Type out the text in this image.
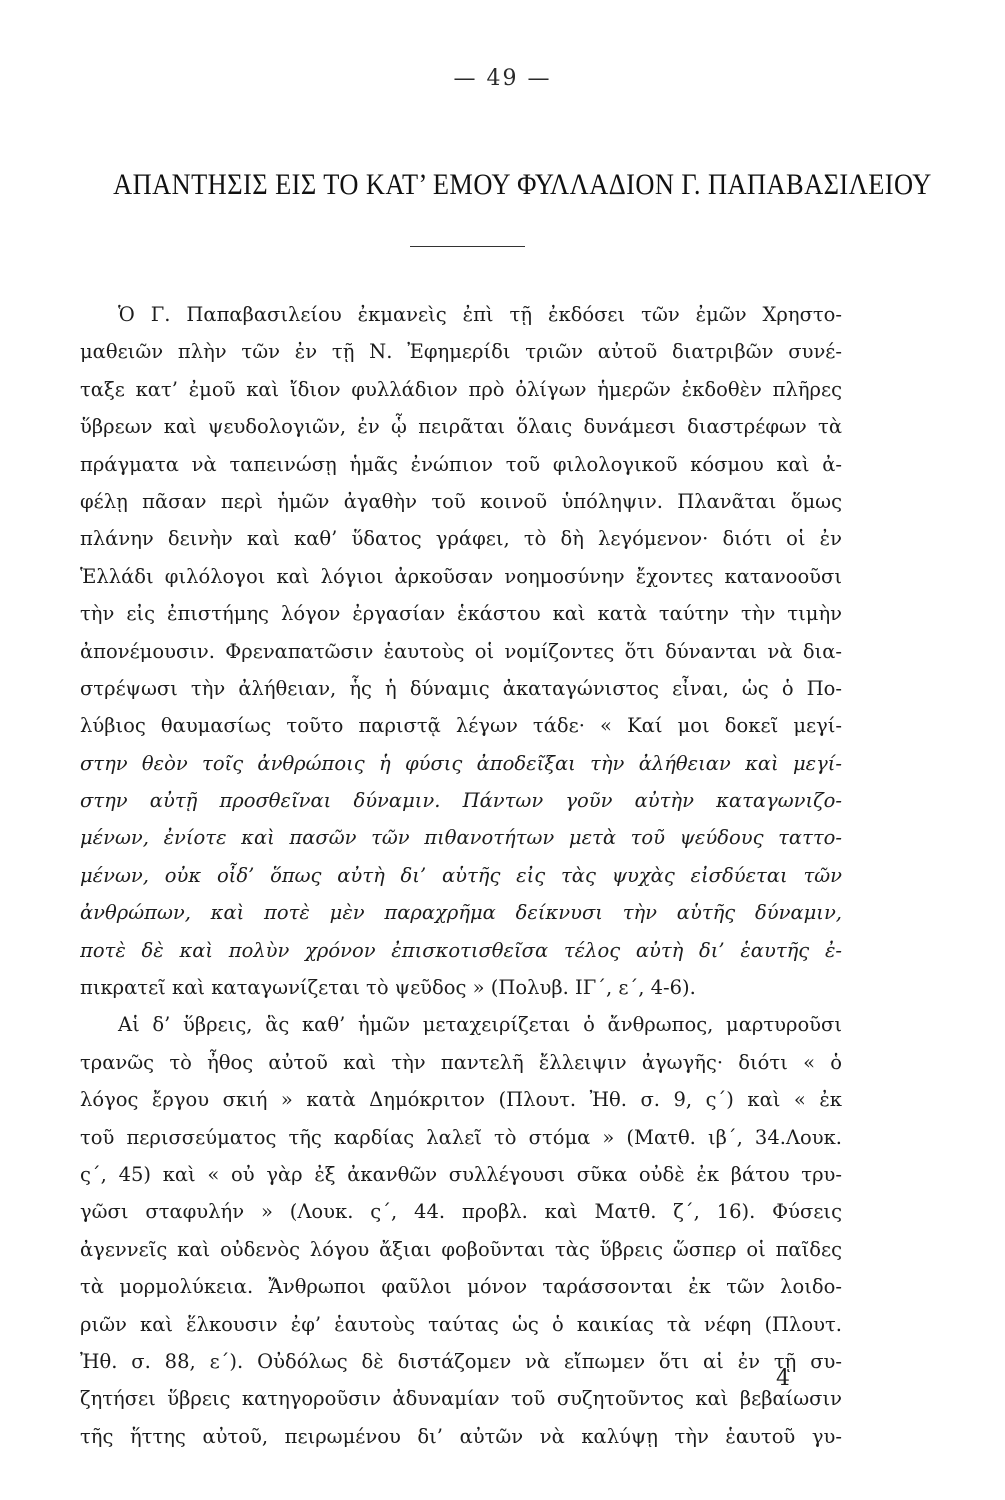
— 49 —
ΑΠΑΝΤΗΣΙΣ ΕΙΣ ΤΟ ΚΑΤ’ ΕΜΟΥ ΦΥΛΛΑΔΙΟΝ Γ. ΠΑΠΑΒΑΣΙΛΕΙΟΥ
Ὁ Γ. Παπαβασιλείου ἐκμανεὶς ἐπὶ τῇ ἐκδόσει τῶν ἐμῶν Χρηστο-
μαθειῶν πλὴν τῶν ἐν τῇ Ν. Ἐφημερίδι τριῶν αὐτοῦ διατριβῶν συνέ-
ταξε κατ’ ἐμοῦ καὶ ἴδιον φυλλάδιον πρὸ ὀλίγων ἡμερῶν ἐκδοθὲν πλῆρες
ὕβρεων καὶ ψευδολογιῶν, ἐν ᾧ πειρᾶται ὅλαις δυνάμεσι διαστρέφων τὰ
πράγματα νὰ ταπεινώσῃ ἡμᾶς ἐνώπιον τοῦ φιλολογικοῦ κόσμου καὶ ἀ-
φέλῃ πᾶσαν περὶ ἡμῶν ἀγαθὴν τοῦ κοινοῦ ὑπόληψιν. Πλανᾶται ὅμως
πλάνην δεινὴν καὶ καθ’ ὕδατος γράφει, τὸ δὴ λεγόμενον· διότι οἱ ἐν
Ἑλλάδι φιλόλογοι καὶ λόγιοι ἀρκοῦσαν νοημοσύνην ἔχοντες κατανοοῦσι
τὴν εἰς ἐπιστήμης λόγον ἐργασίαν ἑκάστου καὶ κατὰ ταύτην τὴν τιμὴν
ἀπονέμουσιν. Φρεναπατῶσιν ἑαυτοὺς οἱ νομίζοντες ὅτι δύνανται νὰ δια-
στρέψωσι τὴν ἀλήθειαν, ἧς ἡ δύναμις ἀκαταγώνιστος εἶναι, ὡς ὁ Πο-
λύβιος θαυμασίως τοῦτο παριστᾷ λέγων τάδε· « Καί μοι δοκεῖ μεγί-
στην θεὸν τοῖς ἀνθρώποις ἡ φύσις ἀποδεῖξαι τὴν ἀλήθειαν καὶ μεγί-
στην αὐτῇ προσθεῖναι δύναμιν. Πάντων γοῦν αὐτὴν καταγωνιζο-
μένων, ἐνίοτε καὶ πασῶν τῶν πιθανοτήτων μετὰ τοῦ ψεύδους ταττο-
μένων, οὐκ οἶδ’ ὅπως αὐτὴ δι’ αὑτῆς εἰς τὰς ψυχὰς εἰσδύεται τῶν
ἀνθρώπων, καὶ ποτὲ μὲν παραχρῆμα δείκνυσι τὴν αὑτῆς δύναμιν,
ποτὲ δὲ καὶ πολὺν χρόνον ἐπισκοτισθεῖσα τέλος αὐτὴ δι’ ἑαυτῆς ἐ-
πικρατεῖ καὶ καταγωνίζεται τὸ ψεῦδος » (Πολυβ. ΙΓ΄, ε΄, 4-6).
Αἱ δ’ ὕβρεις, ἃς καθ’ ἡμῶν μεταχειρίζεται ὁ ἄνθρωπος, μαρτυροῦσι
τρανῶς τὸ ἦθος αὐτοῦ καὶ τὴν παντελῆ ἔλλειψιν ἀγωγῆς· διότι « ὁ
λόγος ἔργου σκιή » κατὰ Δημόκριτον (Πλουτ. Ἠθ. σ. 9, ς΄) καὶ « ἐκ
τοῦ περισσεύματος τῆς καρδίας λαλεῖ τὸ στόμα » (Ματθ. ιβ΄, 34.Λουκ.
ς΄, 45) καὶ « οὐ γὰρ ἐξ ἀκανθῶν συλλέγουσι σῦκα οὐδὲ ἐκ βάτου τρυ-
γῶσι σταφυλήν » (Λουκ. ς΄, 44. προβλ. καὶ Ματθ. ζ΄, 16). Φύσεις
ἀγεννεῖς καὶ οὐδενὸς λόγου ἄξιαι φοβοῦνται τὰς ὕβρεις ὥσπερ οἱ παῖδες
τὰ μορμολύκεια. Ἄνθρωποι φαῦλοι μόνον ταράσσονται ἐκ τῶν λοιδο-
ριῶν καὶ ἕλκουσιν ἐφ’ ἑαυτοὺς ταύτας ὡς ὁ καικίας τὰ νέφη (Πλουτ.
Ἠθ. σ. 88, ε΄). Οὐδόλως δὲ διστάζομεν νὰ εἴπωμεν ὅτι αἱ ἐν τῇ συ-
ζητήσει ὕβρεις κατηγοροῦσιν ἀδυναμίαν τοῦ συζητοῦντος καὶ βεβαίωσιν
τῆς ἥττης αὐτοῦ, πειρωμένου δι’ αὐτῶν νὰ καλύψῃ τὴν ἑαυτοῦ γυ-
4
